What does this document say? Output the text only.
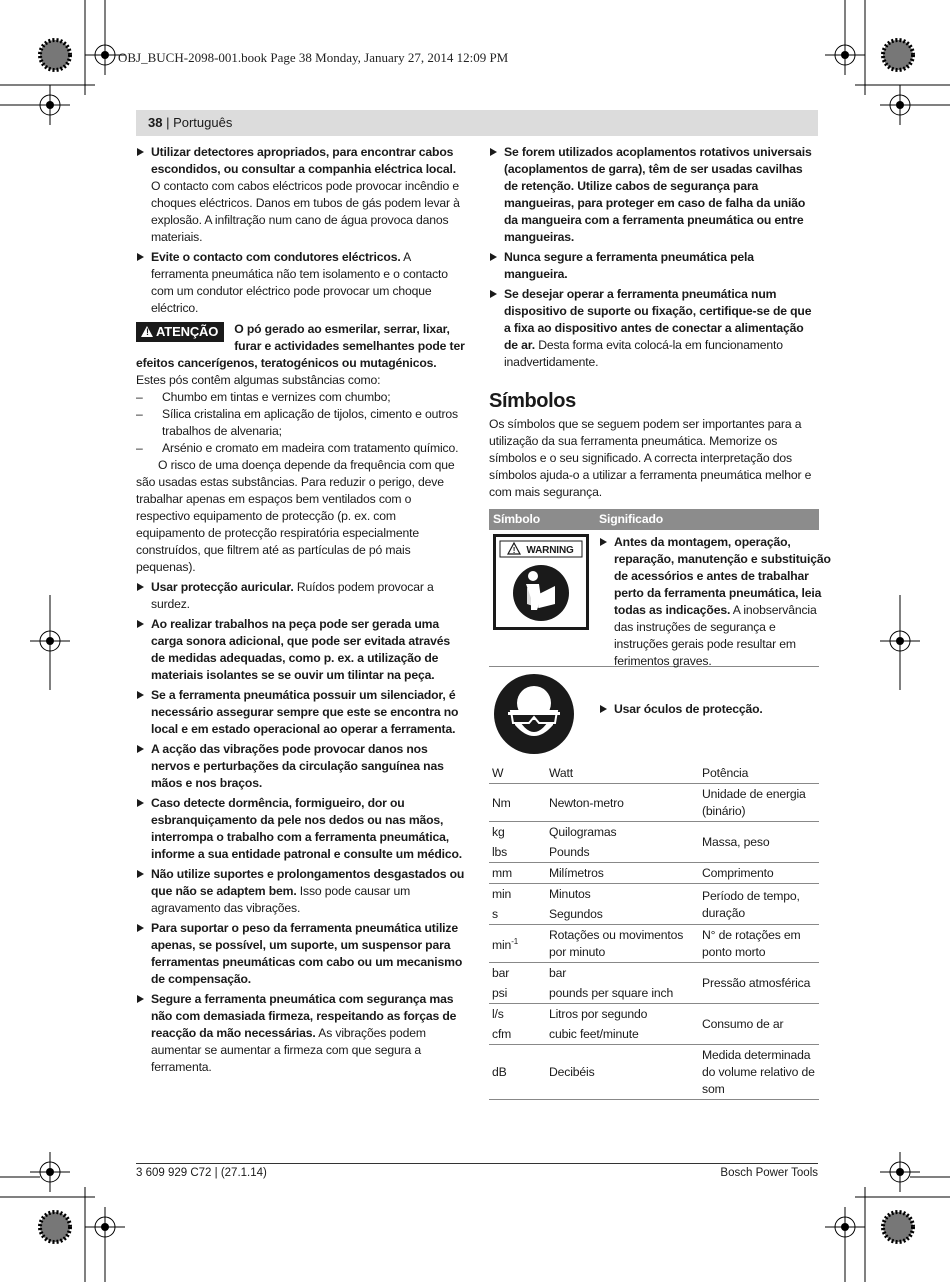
OBJ_BUCH-2098-001.book Page 38 Monday, January 27, 2014 12:09 PM
38 | Português
Utilizar detectores apropriados, para encontrar cabos escondidos, ou consultar a companhia eléctrica local. O contacto com cabos eléctricos pode provocar incêndio e choques eléctricos. Danos em tubos de gás podem levar à explosão. A infiltração num cano de água provoca danos materiais.
Evite o contacto com condutores eléctricos. A ferramenta pneumática não tem isolamento e o contacto com um condutor eléctrico pode provocar um choque eléctrico.
! ATENÇÃO	O pó gerado ao esmerilar, serrar, lixar, furar e actividades semelhantes pode ter efeitos cancerígenos, teratogénicos ou mutagénicos. Estes pós contêm algumas substâncias como:
– Chumbo em tintas e vernizes com chumbo;
– Sílica cristalina em aplicação de tijolos, cimento e outros trabalhos de alvenaria;
– Arsénio e cromato em madeira com tratamento químico.
O risco de uma doença depende da frequência com que são usadas estas substâncias. Para reduzir o perigo, deve trabalhar apenas em espaços bem ventilados com o respectivo equipamento de protecção (p. ex. com equipamento de protecção respiratória especialmente construídos, que filtrem até as partículas de pó mais pequenas).
Usar protecção auricular. Ruídos podem provocar a surdez.
Ao realizar trabalhos na peça pode ser gerada uma carga sonora adicional, que pode ser evitada através de medidas adequadas, como p. ex. a utilização de materiais isolantes se se ouvir um tilintar na peça.
Se a ferramenta pneumática possuir um silenciador, é necessário assegurar sempre que este se encontra no local e em estado operacional ao operar a ferramenta.
A acção das vibrações pode provocar danos nos nervos e perturbações da circulação sanguínea nas mãos e nos braços.
Caso detecte dormência, formigueiro, dor ou esbranquiçamento da pele nos dedos ou nas mãos, interrompa o trabalho com a ferramenta pneumática, informe a sua entidade patronal e consulte um médico.
Não utilize suportes e prolongamentos desgastados ou que não se adaptem bem. Isso pode causar um agravamento das vibrações.
Para suportar o peso da ferramenta pneumática utilize apenas, se possível, um suporte, um suspensor para ferramentas pneumáticas com cabo ou um mecanismo de compensação.
Segure a ferramenta pneumática com segurança mas não com demasiada firmeza, respeitando as forças de reacção da mão necessárias. As vibrações podem aumentar se aumentar a firmeza com que segura a ferramenta.
Se forem utilizados acoplamentos rotativos universais (acoplamentos de garra), têm de ser usadas cavilhas de retenção. Utilize cabos de segurança para mangueiras, para proteger em caso de falha da união da mangueira com a ferramenta pneumática ou entre mangueiras.
Nunca segure a ferramenta pneumática pela mangueira.
Se desejar operar a ferramenta pneumática num dispositivo de suporte ou fixação, certifique-se de que a fixa ao dispositivo antes de conectar a alimentação de ar. Desta forma evita colocá-la em funcionamento inadvertidamente.
Símbolos
Os símbolos que se seguem podem ser importantes para a utilização da sua ferramenta pneumática. Memorize os símbolos e o seu significado. A correcta interpretação dos símbolos ajuda-o a utilizar a ferramenta pneumática melhor e com mais segurança.
Símbolo	Significado
! WARNING
Antes da montagem, operação, reparação, manutenção e substituição de acessórios e antes de trabalhar perto da ferramenta pneumática, leia todas as indicações. A inobservância das instruções de segurança e instruções gerais pode resultar em ferimentos graves.
Usar óculos de protecção.
W	Watt	Potência
Nm	Newton-metro	Unidade de energia (binário)
kg	Quilogramas	Massa, peso
lbs	Pounds	
mm	Milímetros	Comprimento
min	Minutos	Período de tempo, duração
s	Segundos	
$\min^{-1}$	Rotações ou movimentos por minuto	N° de rotações em ponto morto
bar	bar	Pressão atmosférica
psi	pounds per square inch	
l/s	Litros por segundo	Consumo de ar
cfm	cubic feet/minute	
dB	Decibéis	Medida determinada do volume relativo de som
3 609 929 C72 | (27.1.14)	Bosch Power Tools
